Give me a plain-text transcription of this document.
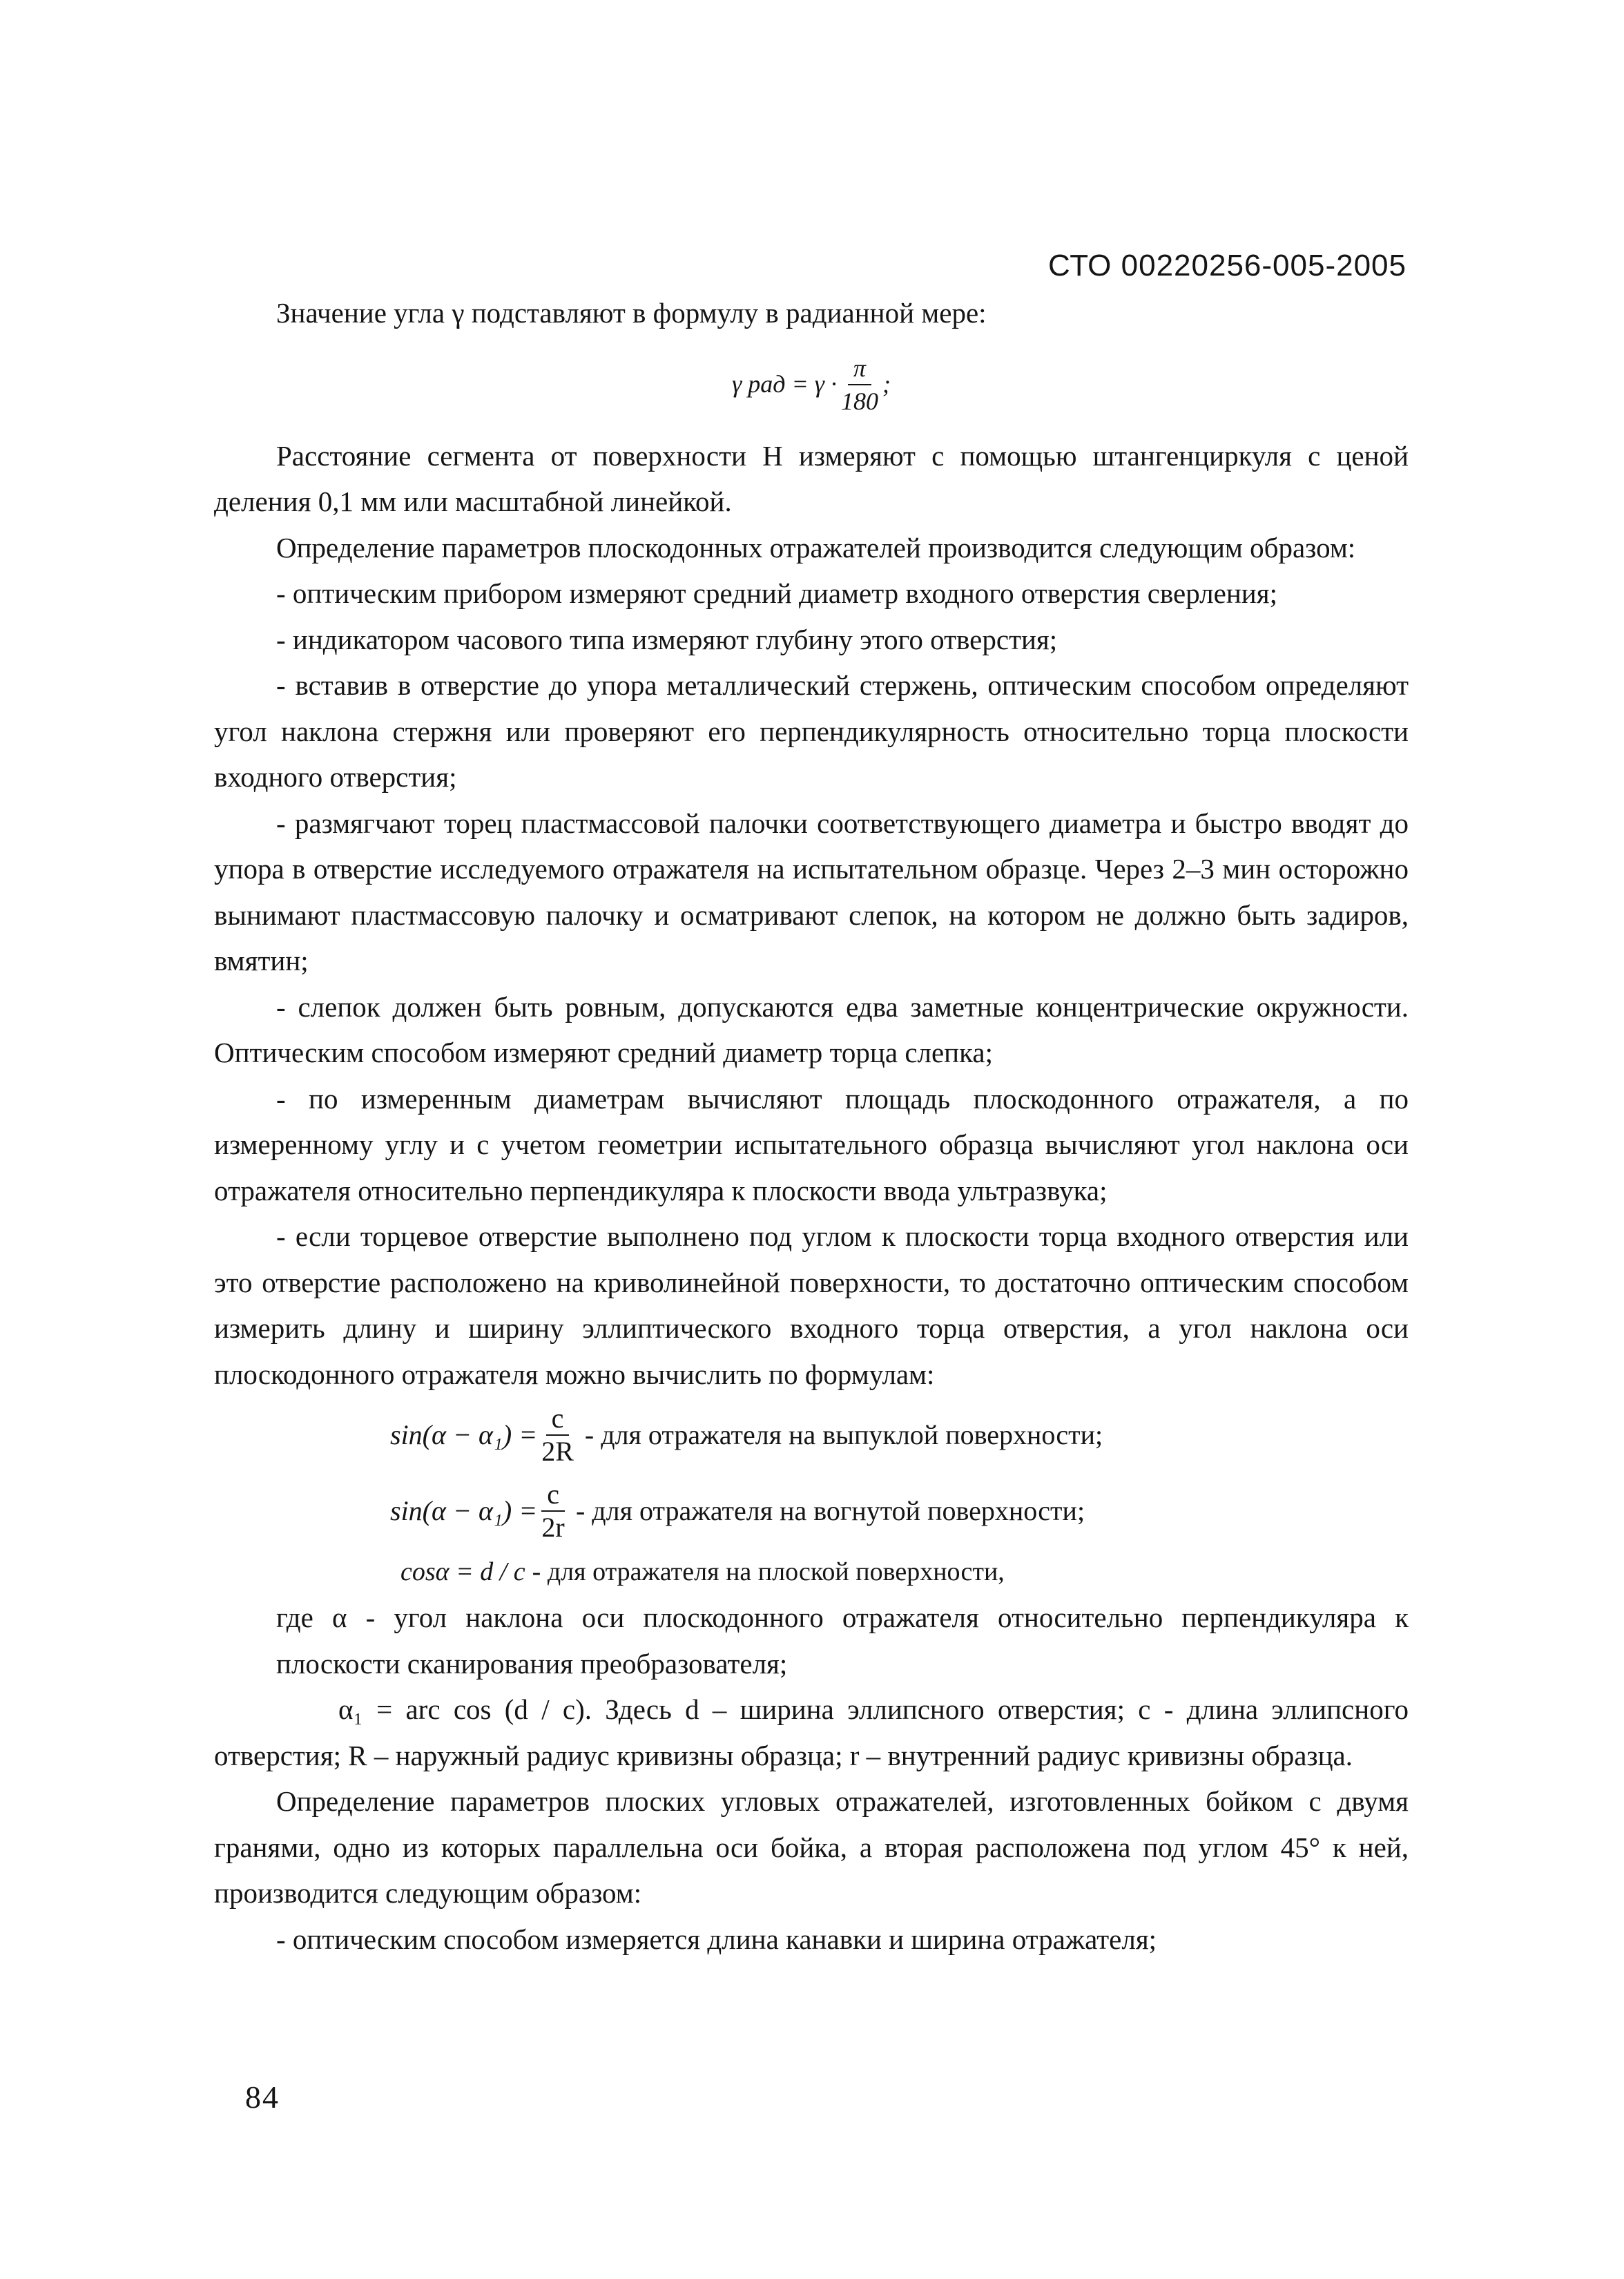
СТО 00220256-005-2005

Значение угла γ подставляют в формулу в радианной мере:

γ рад = $\gamma \cdot \frac{\pi}{180}$ ;

Расстояние сегмента от поверхности H измеряют с помощью штангенциркуля с ценой деления 0,1 мм или масштабной линейкой.

Определение параметров плоскодонных отражателей производится следующим образом:

- оптическим прибором измеряют средний диаметр входного отверстия сверления;

- индикатором часового типа измеряют глубину этого отверстия;

- вставив в отверстие до упора металлический стержень, оптическим способом определяют угол наклона стержня или проверяют его перпендикулярность относительно торца плоскости входного отверстия;

- размягчают торец пластмассовой палочки соответствующего диаметра и быстро вводят до упора в отверстие исследуемого отражателя на испытательном образце. Через 2–3 мин осторожно вынимают пластмассовую палочку и осматривают слепок, на котором не должно быть задиров, вмятин;

- слепок должен быть ровным, допускаются едва заметные концентрические окружности. Оптическим способом измеряют средний диаметр торца слепка;

- по измеренным диаметрам вычисляют площадь плоскодонного отражателя, а по измеренному углу и с учетом геометрии испытательного образца вычисляют угол наклона оси отражателя относительно перпендикуляра к плоскости ввода ультразвука;

- если торцевое отверстие выполнено под углом к плоскости торца входного отверстия или это отверстие расположено на криволинейной поверхности, то достаточно оптическим способом измерить длину и ширину эллиптического входного торца отверстия, а угол наклона оси плоскодонного отражателя можно вычислить по формулам:

$\sin(\alpha - \alpha_1) = \frac{c}{2R}$ - для отражателя на выпуклой поверхности;
$\sin(\alpha - \alpha_1) = \frac{c}{2r}$ - для отражателя на вогнутой поверхности;
cosα = d / c - для отражателя на плоской поверхности,

где α - угол наклона оси плоскодонного отражателя относительно перпендикуляра к плоскости сканирования преобразователя;

α₁ = arc cos (d / c). Здесь d – ширина эллипсного отверстия; с - длина эллипсного отверстия; R – наружный радиус кривизны образца; r – внутренний радиус кривизны образца.

Определение параметров плоских угловых отражателей, изготовленных бойком с двумя гранями, одно из которых параллельна оси бойка, а вторая расположена под углом 45° к ней, производится следующим образом:

- оптическим способом измеряется длина канавки и ширина отражателя;

84
